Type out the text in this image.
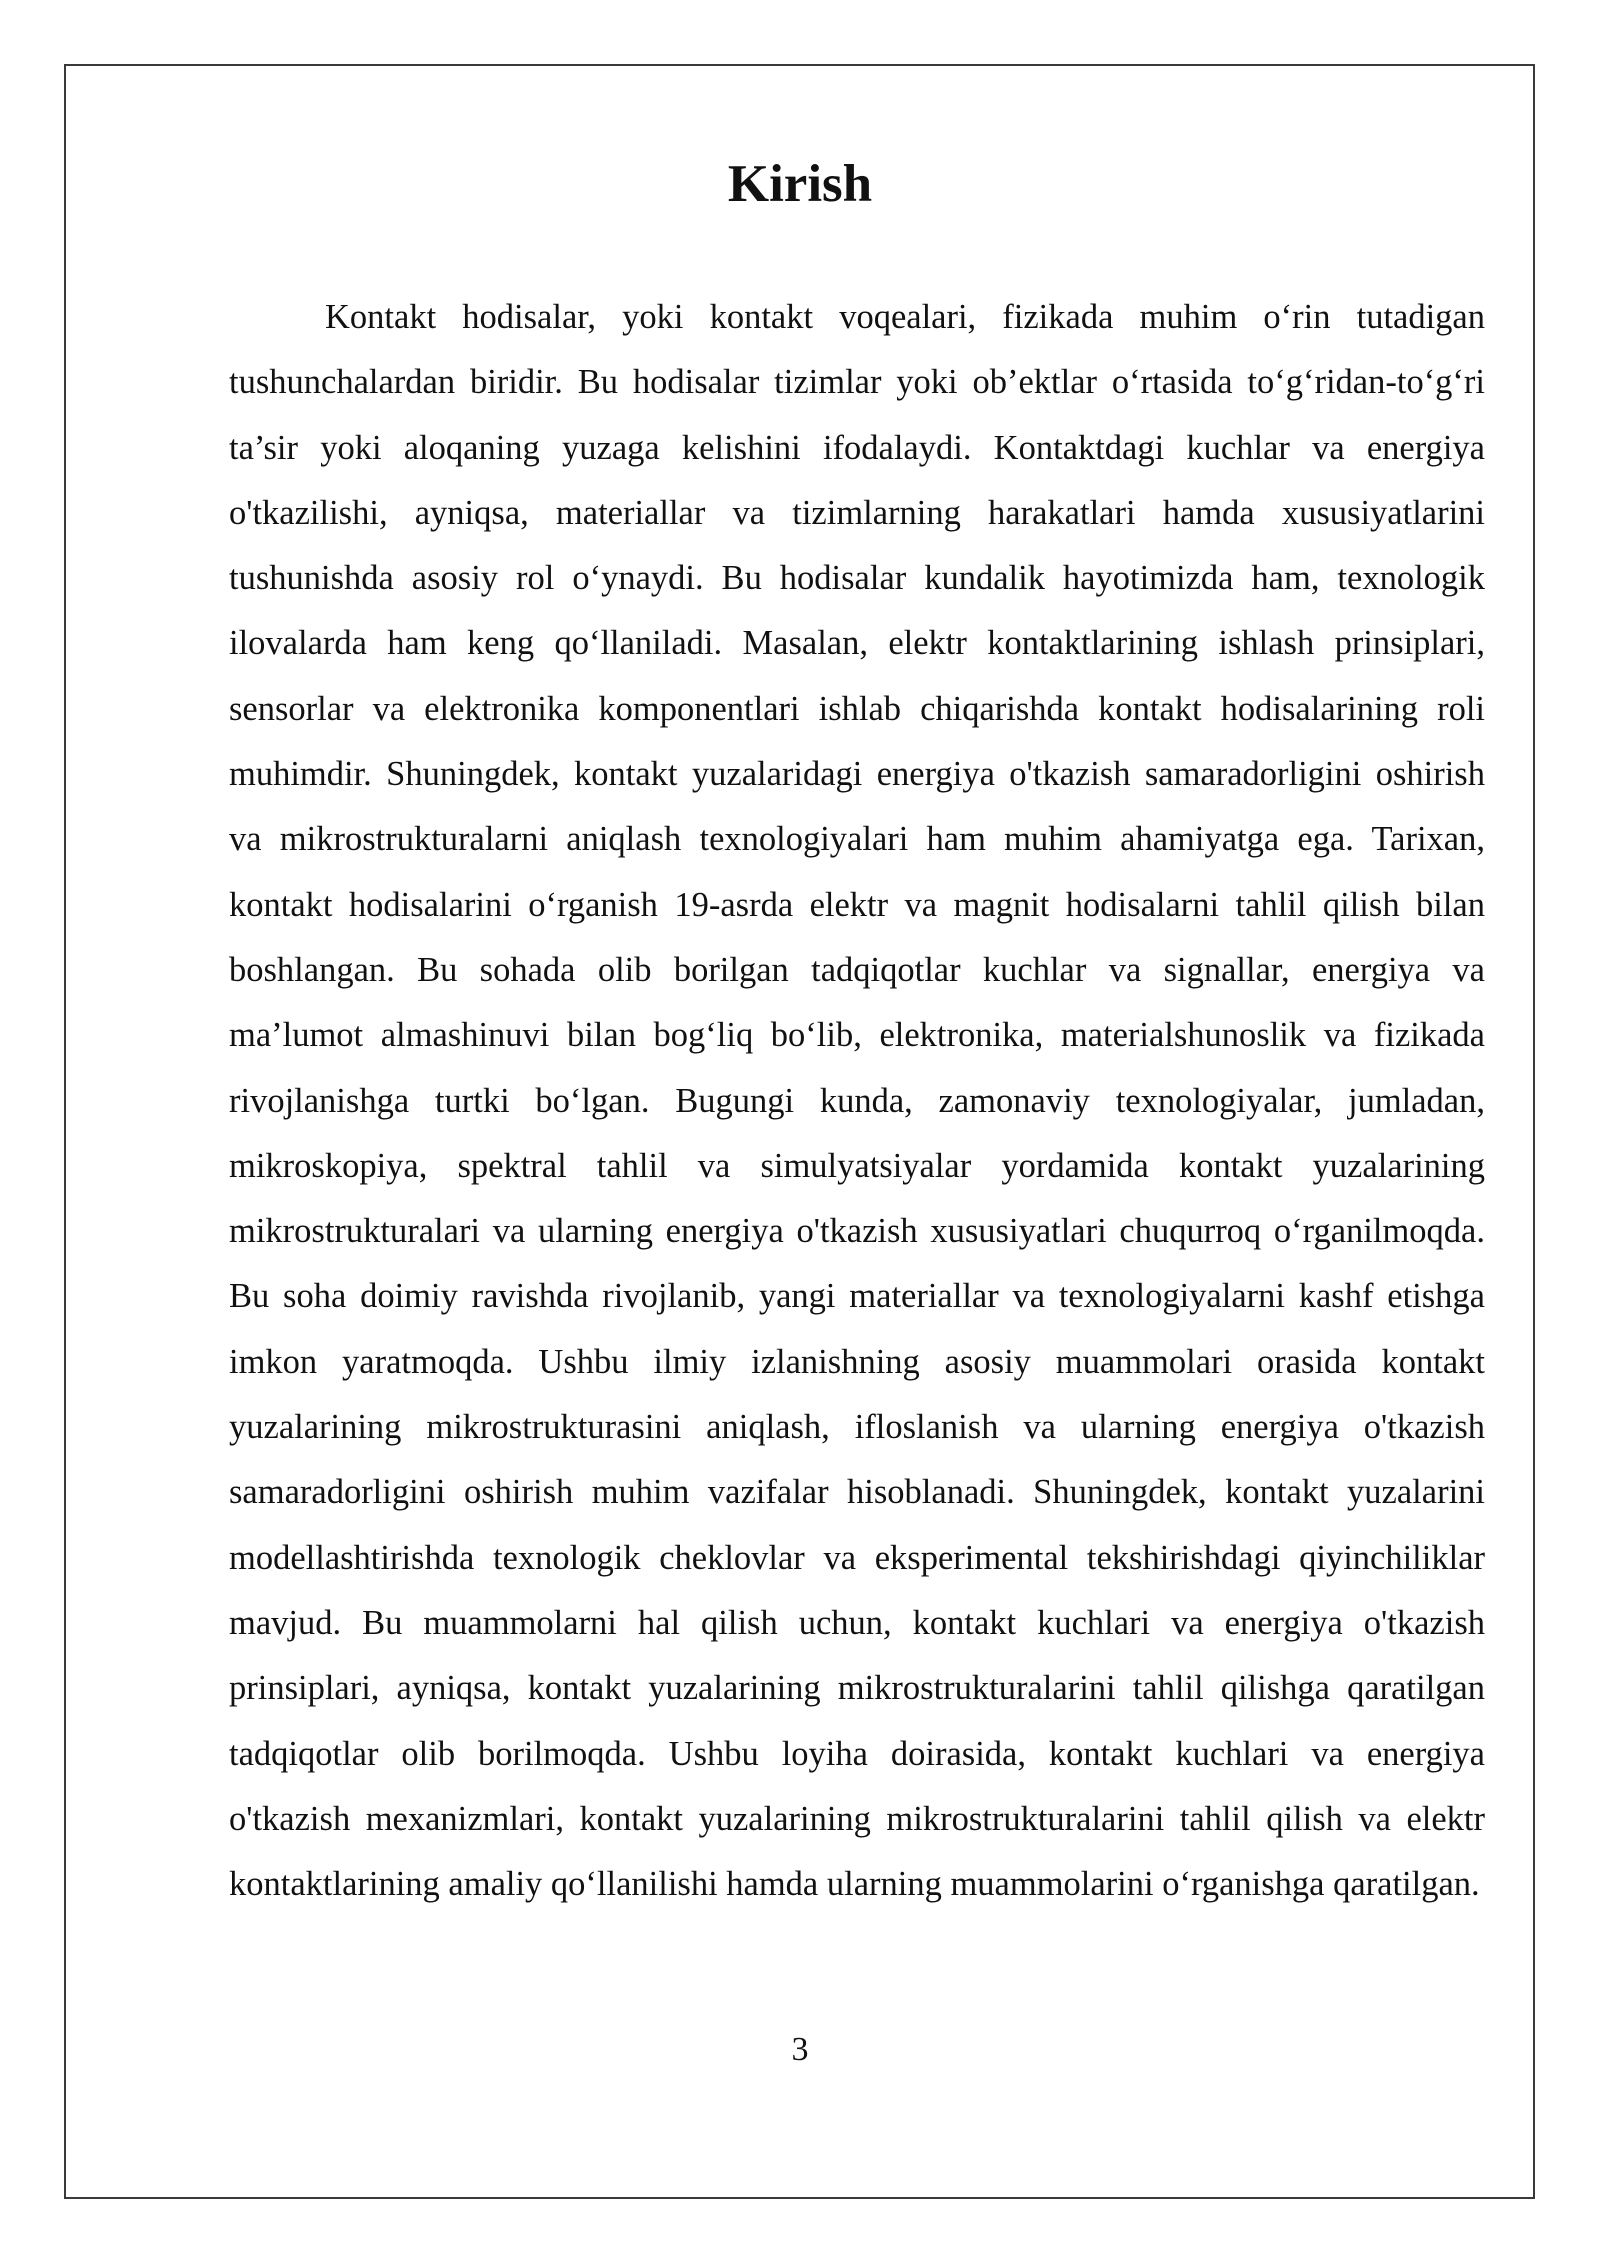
Kirish

Kontakt hodisalar, yoki kontakt voqealari, fizikada muhim o‘rin tutadigan tushunchalardan biridir. Bu hodisalar tizimlar yoki ob’ektlar o‘rtasida to‘g‘ridan-to‘g‘ri ta’sir yoki aloqaning yuzaga kelishini ifodalaydi. Kontaktdagi kuchlar va energiya o'tkazilishi, ayniqsa, materiallar va tizimlarning harakatlari hamda xususiyatlarini tushunishda asosiy rol o‘ynaydi. Bu hodisalar kundalik hayotimizda ham, texnologik ilovalarda ham keng qo‘llaniladi. Masalan, elektr kontaktlarining ishlash prinsiplari, sensorlar va elektronika komponentlari ishlab chiqarishda kontakt hodisalarining roli muhimdir. Shuningdek, kontakt yuzalaridagi energiya o'tkazish samaradorligini oshirish va mikrostrukturalarni aniqlash texnologiyalari ham muhim ahamiyatga ega. Tarixan, kontakt hodisalarini o‘rganish 19-asrda elektr va magnit hodisalarni tahlil qilish bilan boshlangan. Bu sohada olib borilgan tadqiqotlar kuchlar va signallar, energiya va ma’lumot almashinuvi bilan bog‘liq bo‘lib, elektronika, materialshunoslik va fizikada rivojlanishga turtki bo‘lgan. Bugungi kunda, zamonaviy texnologiyalar, jumladan, mikroskopiya, spektral tahlil va simulyatsiyalar yordamida kontakt yuzalarining mikrostrukturalari va ularning energiya o'tkazish xususiyatlari chuqurroq o‘rganilmoqda. Bu soha doimiy ravishda rivojlanib, yangi materiallar va texnologiyalarni kashf etishga imkon yaratmoqda. Ushbu ilmiy izlanishning asosiy muammolari orasida kontakt yuzalarining mikrostrukturasini aniqlash, ifloslanish va ularning energiya o'tkazish samaradorligini oshirish muhim vazifalar hisoblanadi. Shuningdek, kontakt yuzalarini modellashtirishda texnologik cheklovlar va eksperimental tekshirishdagi qiyinchiliklar mavjud. Bu muammolarni hal qilish uchun, kontakt kuchlari va energiya o'tkazish prinsiplari, ayniqsa, kontakt yuzalarining mikrostrukturalarini tahlil qilishga qaratilgan tadqiqotlar olib borilmoqda. Ushbu loyiha doirasida, kontakt kuchlari va energiya o'tkazish mexanizmlari, kontakt yuzalarining mikrostrukturalarini tahlil qilish va elektr kontaktlarining amaliy qo‘llanilishi hamda ularning muammolarini o‘rganishga qaratilgan.

3
